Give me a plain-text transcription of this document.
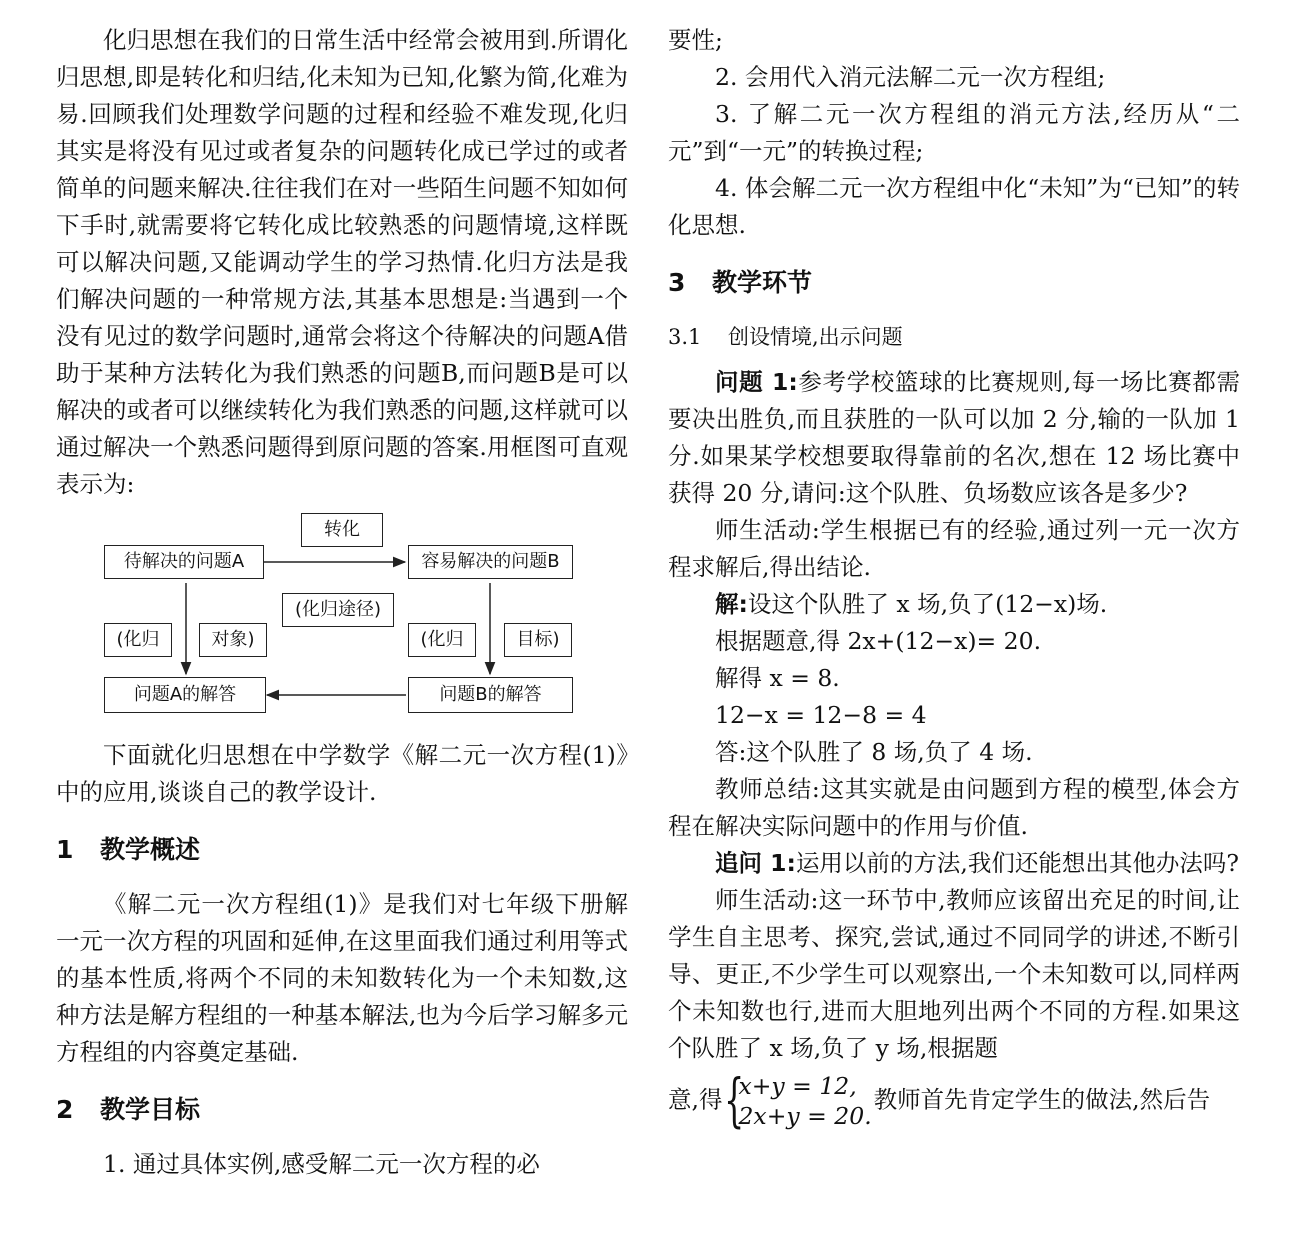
化归思想在我们的日常生活中经常会被用到.所谓化归思想,即是转化和归结,化未知为已知,化繁为简,化难为易.回顾我们处理数学问题的过程和经验不难发现,化归其实是将没有见过或者复杂的问题转化成已学过的或者简单的问题来解决.往往我们在对一些陌生问题不知如何下手时,就需要将它转化成比较熟悉的问题情境,这样既可以解决问题,又能调动学生的学习热情.化归方法是我们解决问题的一种常规方法,其基本思想是:当遇到一个没有见过的数学问题时,通常会将这个待解决的问题A借助于某种方法转化为我们熟悉的问题B,而问题B是可以解决的或者可以继续转化为我们熟悉的问题,这样就可以通过解决一个熟悉问题得到原问题的答案.用框图可直观表示为:

转化
待解决的问题A	容易解决的问题B
(化归途径)
(化归	对象)	(化归	目标)
问题A的解答	问题B的解答

下面就化归思想在中学数学《解二元一次方程(1)》中的应用,谈谈自己的教学设计.

1 教学概述

《解二元一次方程组(1)》是我们对七年级下册解一元一次方程的巩固和延伸,在这里面我们通过利用等式的基本性质,将两个不同的未知数转化为一个未知数,这种方法是解方程组的一种基本解法,也为今后学习解多元方程组的内容奠定基础.

2 教学目标

1. 通过具体实例,感受解二元一次方程的必

要性;

2. 会用代入消元法解二元一次方程组;

3. 了解二元一次方程组的消元方法,经历从“二元”到“一元”的转换过程;

4. 体会解二元一次方程组中化“未知”为“已知”的转化思想.

3 教学环节
3.1 创设情境,出示问题

问题 1:参考学校篮球的比赛规则,每一场比赛都需要决出胜负,而且获胜的一队可以加 2 分,输的一队加 1 分.如果某学校想要取得靠前的名次,想在 12 场比赛中获得 20 分,请问:这个队胜、负场数应该各是多少?

师生活动:学生根据已有的经验,通过列一元一次方程求解后,得出结论.

解:设这个队胜了 x 场,负了(12−x)场.

根据题意,得 2x+(12−x)= 20.

解得 x = 8.

12−x = 12−8 = 4

答:这个队胜了 8 场,负了 4 场.

教师总结:这其实就是由问题到方程的模型,体会方程在解决实际问题中的作用与价值.

追问 1:运用以前的方法,我们还能想出其他办法吗?

师生活动:这一环节中,教师应该留出充足的时间,让学生自主思考、探究,尝试,通过不同同学的讲述,不断引导、更正,不少学生可以观察出,一个未知数可以,同样两个未知数也行,进而大胆地列出两个不同的方程.如果这个队胜了 x 场,负了 y 场,根据题

意,得 {
x+y = 12,
2x+y = 20.
教师首先肯定学生的做法,然后告
